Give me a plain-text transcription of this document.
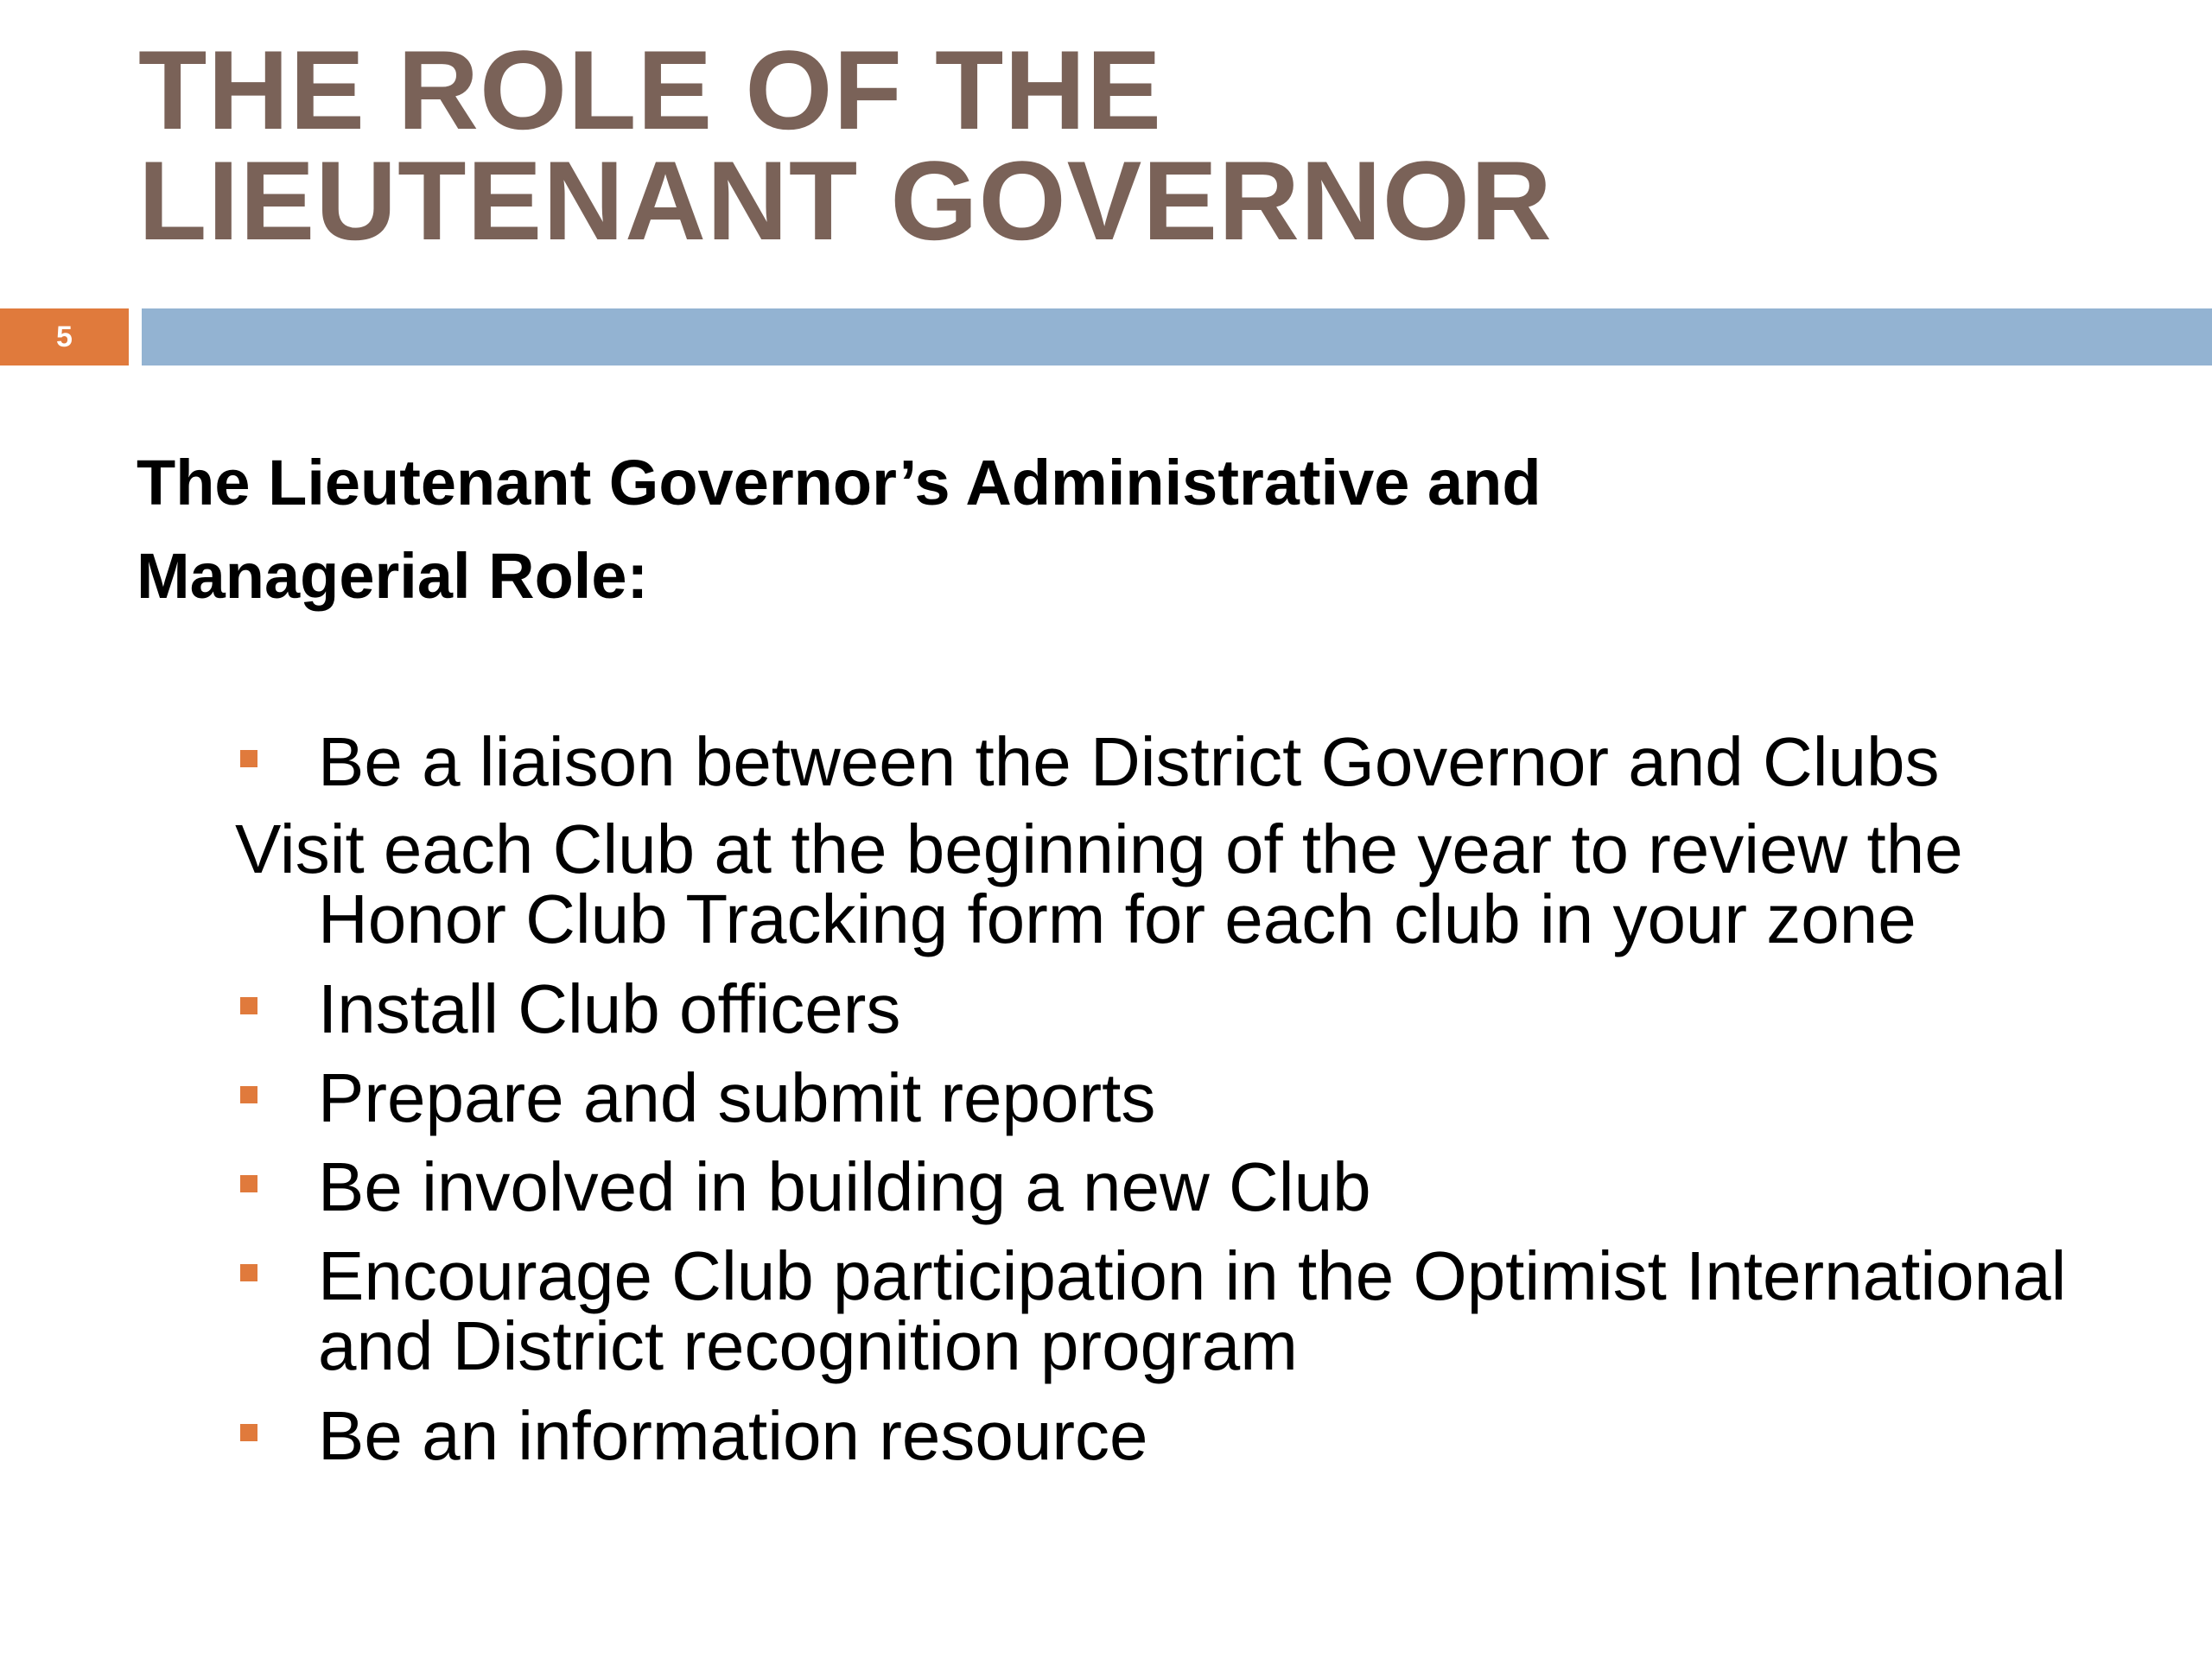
THE ROLE OF THE
LIEUTENANT GOVERNOR
5
The Lieutenant Governor’s Administrative and
Managerial Role:
Be a liaison between the District Governor and Clubs
Visit each Club at the beginning of the year to review the
Honor Club Tracking form for each club in your zone
Install Club officers
Prepare and submit reports
Be involved in building a new Club
Encourage Club participation in the Optimist International
and District recognition program
Be an information resource
